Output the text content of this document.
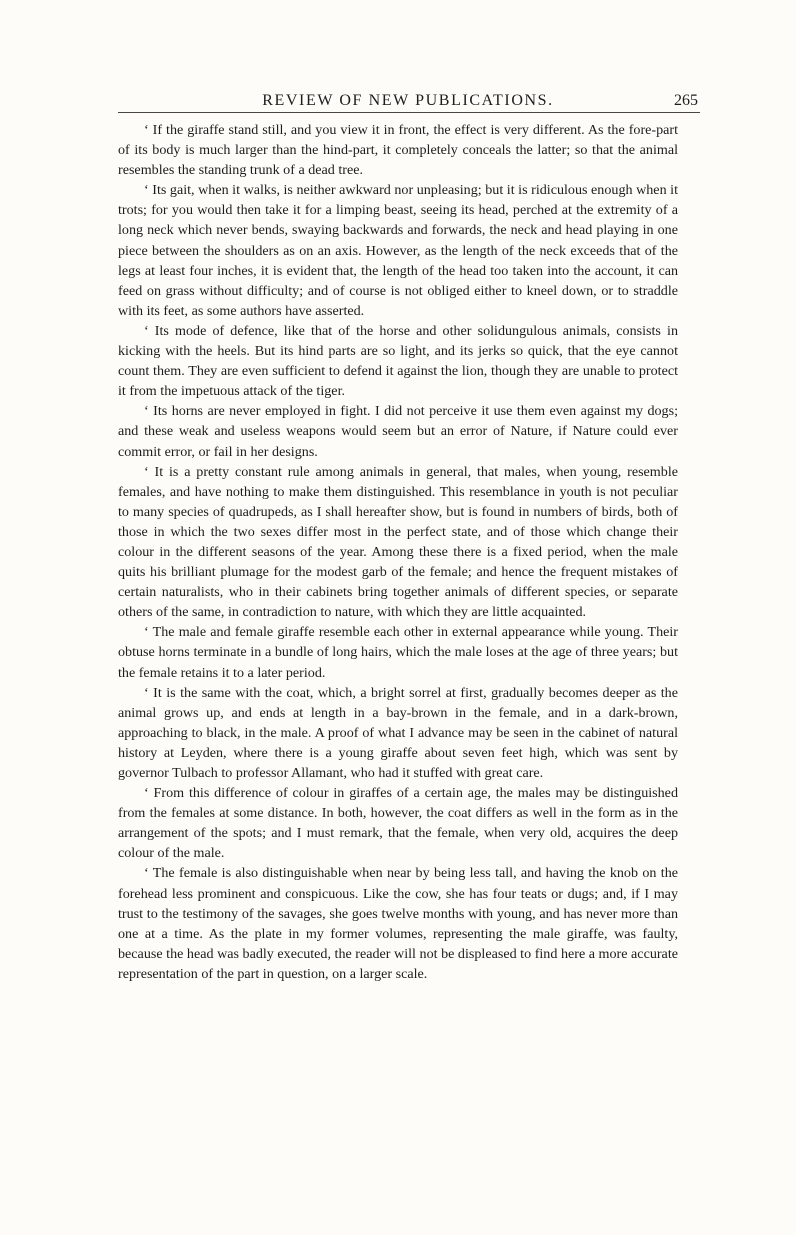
REVIEW OF NEW PUBLICATIONS.	265

‘ If the giraffe stand still, and you view it in front, the effect is very different. As the fore-part of its body is much larger than the hind-part, it completely conceals the latter; so that the animal resembles the standing trunk of a dead tree.

‘ Its gait, when it walks, is neither awkward nor unpleasing; but it is ridiculous enough when it trots; for you would then take it for a limping beast, seeing its head, perched at the extremity of a long neck which never bends, swaying backwards and forwards, the neck and head playing in one piece between the shoulders as on an axis. However, as the length of the neck exceeds that of the legs at least four inches, it is evident that, the length of the head too taken into the account, it can feed on grass without difficulty; and of course is not obliged either to kneel down, or to straddle with its feet, as some authors have asserted.

‘ Its mode of defence, like that of the horse and other solidungulous animals, consists in kicking with the heels. But its hind parts are so light, and its jerks so quick, that the eye cannot count them. They are even sufficient to defend it against the lion, though they are unable to protect it from the impetuous attack of the tiger.

‘ Its horns are never employed in fight. I did not perceive it use them even against my dogs; and these weak and useless weapons would seem but an error of Nature, if Nature could ever commit error, or fail in her designs.

‘ It is a pretty constant rule among animals in general, that males, when young, resemble females, and have nothing to make them distinguished. This resemblance in youth is not peculiar to many species of quadrupeds, as I shall hereafter show, but is found in numbers of birds, both of those in which the two sexes differ most in the perfect state, and of those which change their colour in the different seasons of the year. Among these there is a fixed period, when the male quits his brilliant plumage for the modest garb of the female; and hence the frequent mistakes of certain naturalists, who in their cabinets bring together animals of different species, or separate others of the same, in contradiction to nature, with which they are little acquainted.

‘ The male and female giraffe resemble each other in external appearance while young. Their obtuse horns terminate in a bundle of long hairs, which the male loses at the age of three years; but the female retains it to a later period.

‘ It is the same with the coat, which, a bright sorrel at first, gradually becomes deeper as the animal grows up, and ends at length in a bay-brown in the female, and in a dark-brown, approaching to black, in the male. A proof of what I advance may be seen in the cabinet of natural history at Leyden, where there is a young giraffe about seven feet high, which was sent by governor Tulbach to professor Allamant, who had it stuffed with great care.

‘ From this difference of colour in giraffes of a certain age, the males may be distinguished from the females at some distance. In both, however, the coat differs as well in the form as in the arrangement of the spots; and I must remark, that the female, when very old, acquires the deep colour of the male.

‘ The female is also distinguishable when near by being less tall, and having the knob on the forehead less prominent and conspicuous. Like the cow, she has four teats or dugs; and, if I may trust to the testimony of the savages, she goes twelve months with young, and has never more than one at a time. As the plate in my former volumes, representing the male giraffe, was faulty, because the head was badly executed, the reader will not be displeased to find here a more accurate representation of the part in question, on a larger scale.
